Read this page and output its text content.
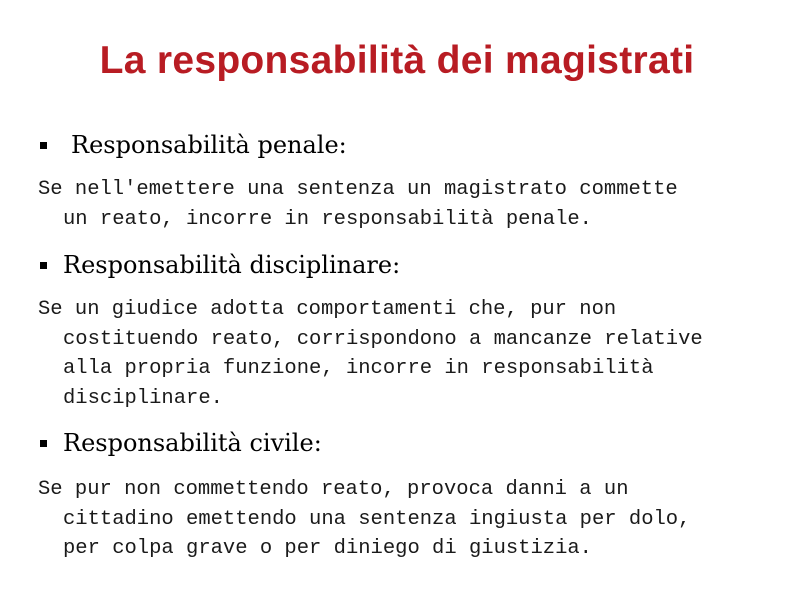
La responsabilità dei magistrati
Responsabilità penale:
Se nell'emettere una sentenza un magistrato commette
un reato, incorre in responsabilità penale.
Responsabilità disciplinare:
Se un giudice adotta comportamenti che, pur non
costituendo reato, corrispondono a mancanze relative
alla propria funzione, incorre in responsabilità
disciplinare.
Responsabilità civile:
Se pur non commettendo reato, provoca danni a un
cittadino emettendo una sentenza ingiusta per dolo,
per colpa grave o per diniego di giustizia.
